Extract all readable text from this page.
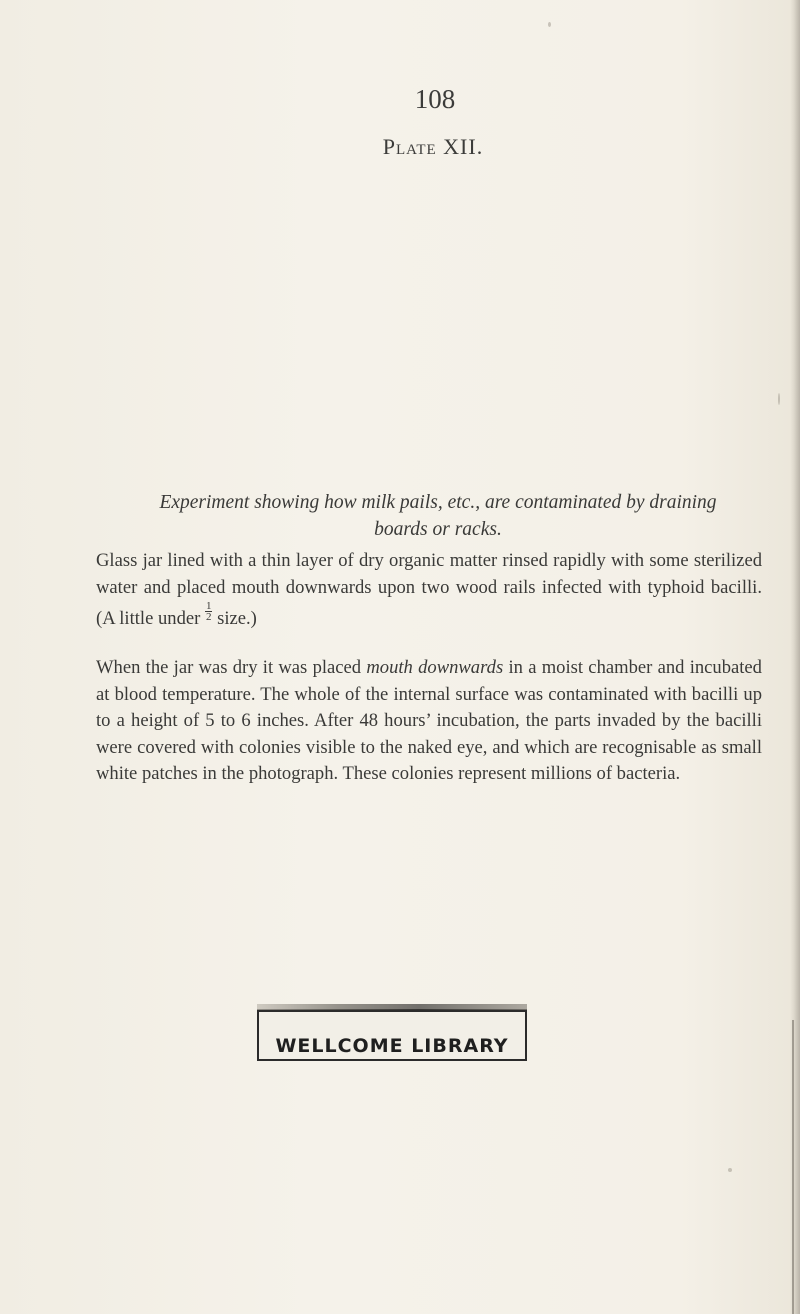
108
Plate XII.
Experiment showing how milk pails, etc., are contaminated by draining
boards or racks.

Glass jar lined with a thin layer of dry organic matter rinsed rapidly with some sterilized water and placed mouth downwards upon two wood rails infected with typhoid bacilli. (A little under $\frac{1}{2}$ size.)

When the jar was dry it was placed mouth downwards in a moist chamber and incubated at blood temperature. The whole of the internal surface was contaminated with bacilli up to a height of 5 to 6 inches. After 48 hours’ incubation, the parts invaded by the bacilli were covered with colonies visible to the naked eye, and which are recognisable as small white patches in the photograph. These colonies represent millions of bacteria.

WELLCOME LIBRARY
